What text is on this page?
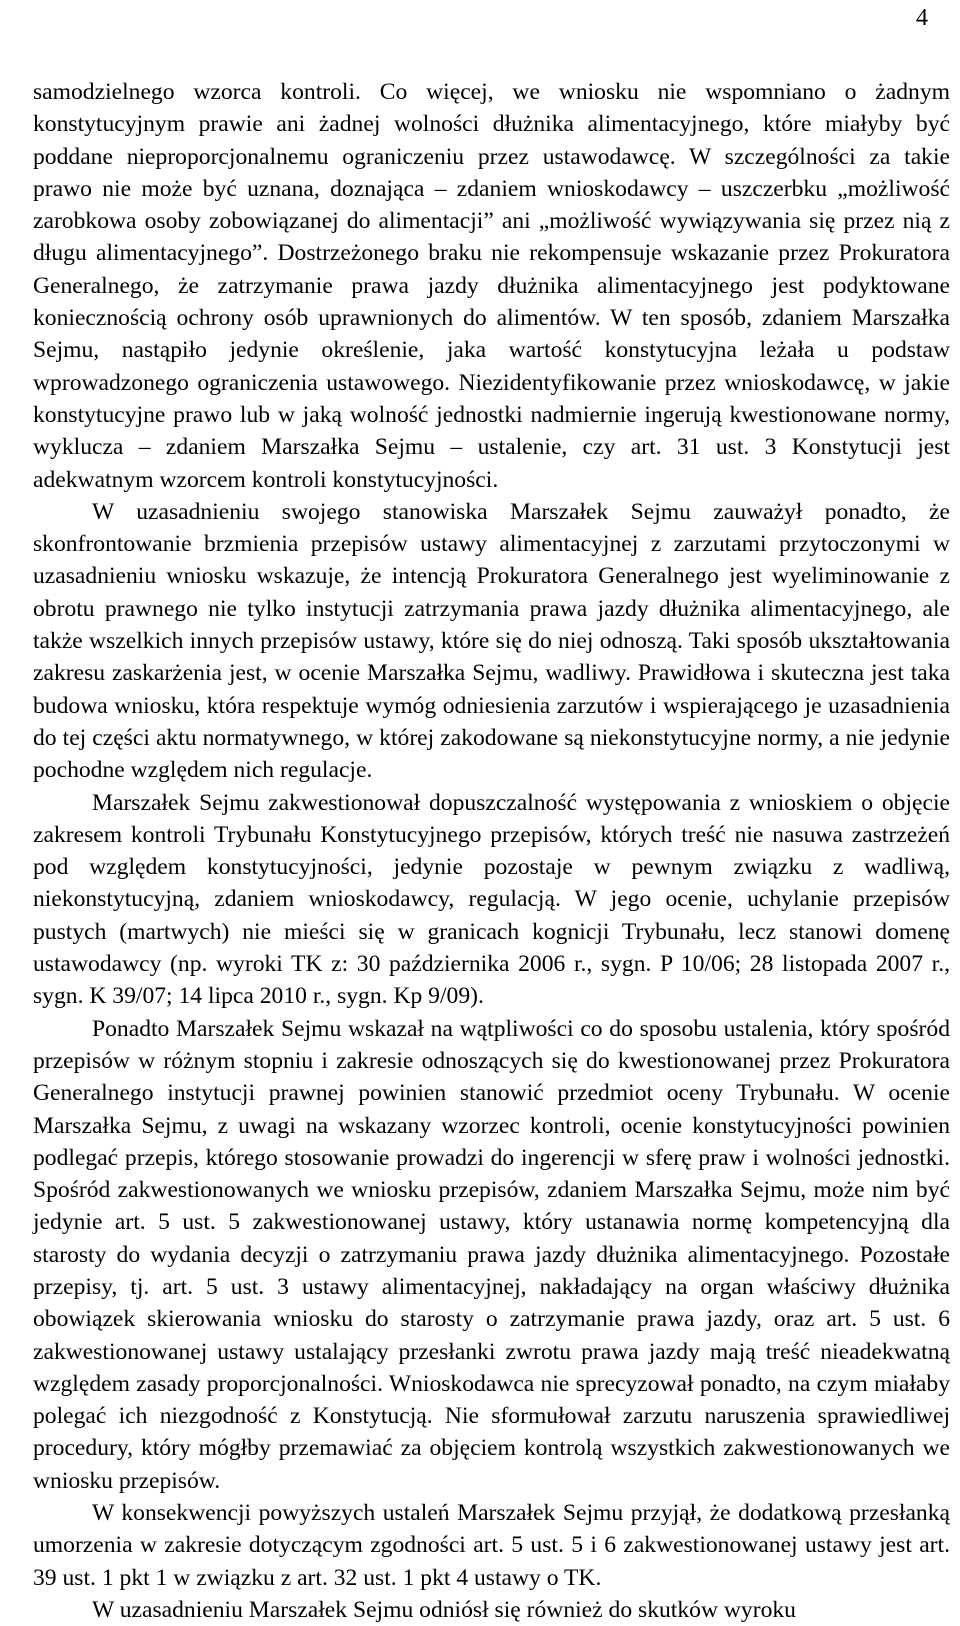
4

samodzielnego wzorca kontroli. Co więcej, we wniosku nie wspomniano o żadnym konstytucyjnym prawie ani żadnej wolności dłużnika alimentacyjnego, które miałyby być poddane nieproporcjonalnemu ograniczeniu przez ustawodawcę. W szczególności za takie prawo nie może być uznana, doznająca – zdaniem wnioskodawcy – uszczerbku „możliwość zarobkowa osoby zobowiązanej do alimentacji” ani „możliwość wywiązywania się przez nią z długu alimentacyjnego”. Dostrzeżonego braku nie rekompensuje wskazanie przez Prokuratora Generalnego, że zatrzymanie prawa jazdy dłużnika alimentacyjnego jest podyktowane koniecznością ochrony osób uprawnionych do alimentów. W ten sposób, zdaniem Marszałka Sejmu, nastąpiło jedynie określenie, jaka wartość konstytucyjna leżała u podstaw wprowadzonego ograniczenia ustawowego. Niezidentyfikowanie przez wnioskodawcę, w jakie konstytucyjne prawo lub w jaką wolność jednostki nadmiernie ingerują kwestionowane normy, wyklucza – zdaniem Marszałka Sejmu – ustalenie, czy art. 31 ust. 3 Konstytucji jest adekwatnym wzorcem kontroli konstytucyjności.

W uzasadnieniu swojego stanowiska Marszałek Sejmu zauważył ponadto, że skonfrontowanie brzmienia przepisów ustawy alimentacyjnej z zarzutami przytoczonymi w uzasadnieniu wniosku wskazuje, że intencją Prokuratora Generalnego jest wyeliminowanie z obrotu prawnego nie tylko instytucji zatrzymania prawa jazdy dłużnika alimentacyjnego, ale także wszelkich innych przepisów ustawy, które się do niej odnoszą. Taki sposób ukształtowania zakresu zaskarżenia jest, w ocenie Marszałka Sejmu, wadliwy. Prawidłowa i skuteczna jest taka budowa wniosku, która respektuje wymóg odniesienia zarzutów i wspierającego je uzasadnienia do tej części aktu normatywnego, w której zakodowane są niekonstytucyjne normy, a nie jedynie pochodne względem nich regulacje.

Marszałek Sejmu zakwestionował dopuszczalność występowania z wnioskiem o objęcie zakresem kontroli Trybunału Konstytucyjnego przepisów, których treść nie nasuwa zastrzeżeń pod względem konstytucyjności, jedynie pozostaje w pewnym związku z wadliwą, niekonstytucyjną, zdaniem wnioskodawcy, regulacją. W jego ocenie, uchylanie przepisów pustych (martwych) nie mieści się w granicach kognicji Trybunału, lecz stanowi domenę ustawodawcy (np. wyroki TK z: 30 października 2006 r., sygn. P 10/06; 28 listopada 2007 r., sygn. K 39/07; 14 lipca 2010 r., sygn. Kp 9/09).

Ponadto Marszałek Sejmu wskazał na wątpliwości co do sposobu ustalenia, który spośród przepisów w różnym stopniu i zakresie odnoszących się do kwestionowanej przez Prokuratora Generalnego instytucji prawnej powinien stanowić przedmiot oceny Trybunału. W ocenie Marszałka Sejmu, z uwagi na wskazany wzorzec kontroli, ocenie konstytucyjności powinien podlegać przepis, którego stosowanie prowadzi do ingerencji w sferę praw i wolności jednostki. Spośród zakwestionowanych we wniosku przepisów, zdaniem Marszałka Sejmu, może nim być jedynie art. 5 ust. 5 zakwestionowanej ustawy, który ustanawia normę kompetencyjną dla starosty do wydania decyzji o zatrzymaniu prawa jazdy dłużnika alimentacyjnego. Pozostałe przepisy, tj. art. 5 ust. 3 ustawy alimentacyjnej, nakładający na organ właściwy dłużnika obowiązek skierowania wniosku do starosty o zatrzymanie prawa jazdy, oraz art. 5 ust. 6 zakwestionowanej ustawy ustalający przesłanki zwrotu prawa jazdy mają treść nieadekwatną względem zasady proporcjonalności. Wnioskodawca nie sprecyzował ponadto, na czym miałaby polegać ich niezgodność z Konstytucją. Nie sformułował zarzutu naruszenia sprawiedliwej procedury, który mógłby przemawiać za objęciem kontrolą wszystkich zakwestionowanych we wniosku przepisów.

W konsekwencji powyższych ustaleń Marszałek Sejmu przyjął, że dodatkową przesłanką umorzenia w zakresie dotyczącym zgodności art. 5 ust. 5 i 6 zakwestionowanej ustawy jest art. 39 ust. 1 pkt 1 w związku z art. 32 ust. 1 pkt 4 ustawy o TK.

W uzasadnieniu Marszałek Sejmu odniósł się również do skutków wyroku
